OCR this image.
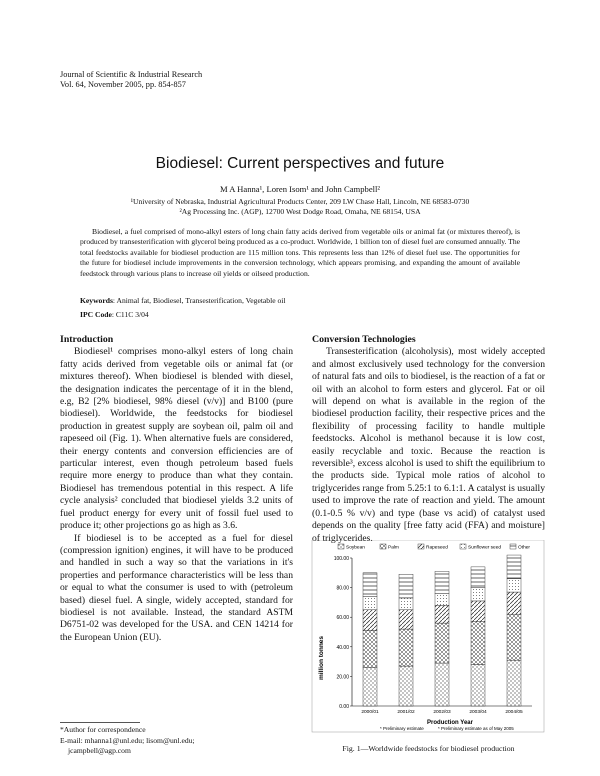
Journal of Scientific & Industrial Research
Vol. 64, November 2005, pp. 854-857
Biodiesel: Current perspectives and future
M A Hanna¹, Loren Isom¹ and John Campbell²
¹University of Nebraska, Industrial Agricultural Products Center, 209 LW Chase Hall, Lincoln, NE 68583-0730
²Ag Processing Inc. (AGP), 12700 West Dodge Road, Omaha, NE 68154, USA
Biodiesel, a fuel comprised of mono-alkyl esters of long chain fatty acids derived from vegetable oils or animal fat (or mixtures thereof), is produced by transesterification with glycerol being produced as a co-product. Worldwide, 1 billion ton of diesel fuel are consumed annually. The total feedstocks available for biodiesel production are 115 million tons. This represents less than 12% of diesel fuel use. The opportunities for the future for biodiesel include improvements in the conversion technology, which appears promising, and expanding the amount of available feedstock through various plans to increase oil yields or oilseed production.
Keywords: Animal fat, Biodiesel, Transesterification, Vegetable oil
IPC Code: C11C 3/04

Introduction

Biodiesel¹ comprises mono-alkyl esters of long chain fatty acids derived from vegetable oils or animal fat (or mixtures thereof). When biodiesel is blended with diesel, the designation indicates the percentage of it in the blend, e.g, B2 [2% biodiesel, 98% diesel (v/v)] and B100 (pure biodiesel). Worldwide, the feedstocks for biodiesel production in greatest supply are soybean oil, palm oil and rapeseed oil (Fig. 1). When alternative fuels are considered, their energy contents and conversion efficiencies are of particular interest, even though petroleum based fuels require more energy to produce than what they contain. Biodiesel has tremendous potential in this respect. A life cycle analysis² concluded that biodiesel yields 3.2 units of fuel product energy for every unit of fossil fuel used to produce it; other projections go as high as 3.6.

If biodiesel is to be accepted as a fuel for diesel (compression ignition) engines, it will have to be produced and handled in such a way so that the variations in it's properties and performance characteristics will be less than or equal to what the consumer is used to with (petroleum based) diesel fuel. A single, widely accepted, standard for biodiesel is not available. Instead, the standard ASTM D6751-02 was developed for the USA. and CEN 14214 for the European Union (EU).

Conversion Technologies

Transesterification (alcoholysis), most widely accepted and almost exclusively used technology for the conversion of natural fats and oils to biodiesel, is the reaction of a fat or oil with an alcohol to form esters and glycerol. Fat or oil will depend on what is available in the region of the biodiesel production facility, their respective prices and the flexibility of processing facility to handle multiple feedstocks. Alcohol is methanol because it is low cost, easily recyclable and toxic. Because the reaction is reversible³, excess alcohol is used to shift the equilibrium to the products side. Typical mole ratios of alcohol to triglycerides range from 5.25:1 to 6.1:1. A catalyst is usually used to improve the rate of reaction and yield. The amount (0.1-0.5 % v/v) and type (base vs acid) of catalyst used depends on the quality [free fatty acid (FFA) and moisture] of triglycerides.

Soybean	Palm	Rapeseed	Sunflower seed	Other
0.00
20.00
40.00
60.00
80.00
100.00
2000/01	2001/02	2002/03	2003/04	2004/05
million tonnes
Production Year
* Preliminary estimate	* Preliminary estimate as of May 2005
Fig. 1—Worldwide feedstocks for biodiesel production
*Author for correspondence
E-mail: mhanna1@unl.edu; lisom@unl.edu;
jcampbell@agp.com
